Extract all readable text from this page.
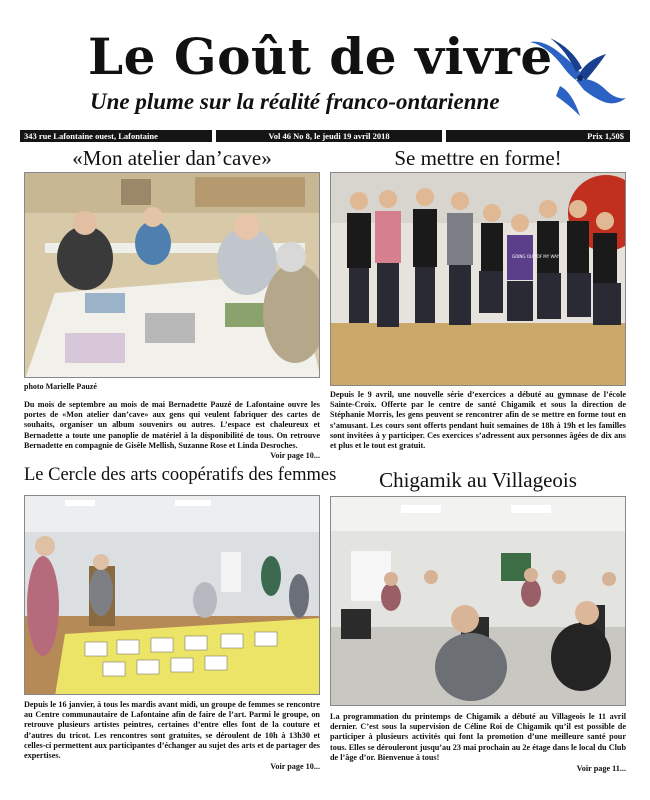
Le Goût de vivre
Une plume sur la réalité franco-ontarienne
343 rue Lafontaine ouest, Lafontaine	Vol 46 No 8, le jeudi 19 avril 2018	Prix 1,50$
«Mon atelier dan’cave»
photo Marielle Pauzé
Du mois de septembre au mois de mai Bernadette Pauzé de Lafontaine ouvre les portes de «Mon atelier dan’cave» aux gens qui veulent fabriquer des cartes de souhaits, organiser un album souvenirs ou autres. L’espace est chaleureux et Bernadette a toute une panoplie de matériel à la disponibilité de tous. On retrouve Bernadette en compagnie de Gisèle Mellish, Suzanne Rose et Linda Desroches.
Voir page 10...
Se mettre en forme!
GOING OUT OF MY WAY
Depuis le 9 avril, une nouvelle série d’exercices a débuté au gymnase de l’école Sainte-Croix. Offerte par le centre de santé Chigamik et sous la direction de Stéphanie Morris, les gens peuvent se rencontrer afin de se mettre en forme tout en s’amusant. Les cours sont offerts pendant huit semaines de 18h à 19h et les familles sont invitées à y participer. Ces exercices s’adressent aux personnes âgées de dix ans et plus et le tout est gratuit.
Le Cercle des arts coopératifs des femmes
Depuis le 16 janvier, à tous les mardis avant midi, un groupe de femmes se rencontre au Centre communautaire de Lafontaine afin de faire de l’art. Parmi le groupe, on retrouve plusieurs artistes peintres, certaines d’entre elles font de la couture et d’autres du tricot. Les rencontres sont gratuites, se déroulent de 10h à 13h30 et celles-ci permettent aux participantes d’échanger au sujet des arts et de partager des expertises.
Voir page 10...
Chigamik au Villageois
La programmation du printemps de Chigamik a débuté au Villageois le 11 avril dernier. C’est sous la supervision de Céline Roi de Chigamik qu’il est possible de participer à plusieurs activités qui font la promotion d’une meilleure santé pour tous. Elles se dérouleront jusqu’au 23 mai prochain au 2e étage dans le local du Club de l’âge d’or. Bienvenue à tous!
Voir page 11...
